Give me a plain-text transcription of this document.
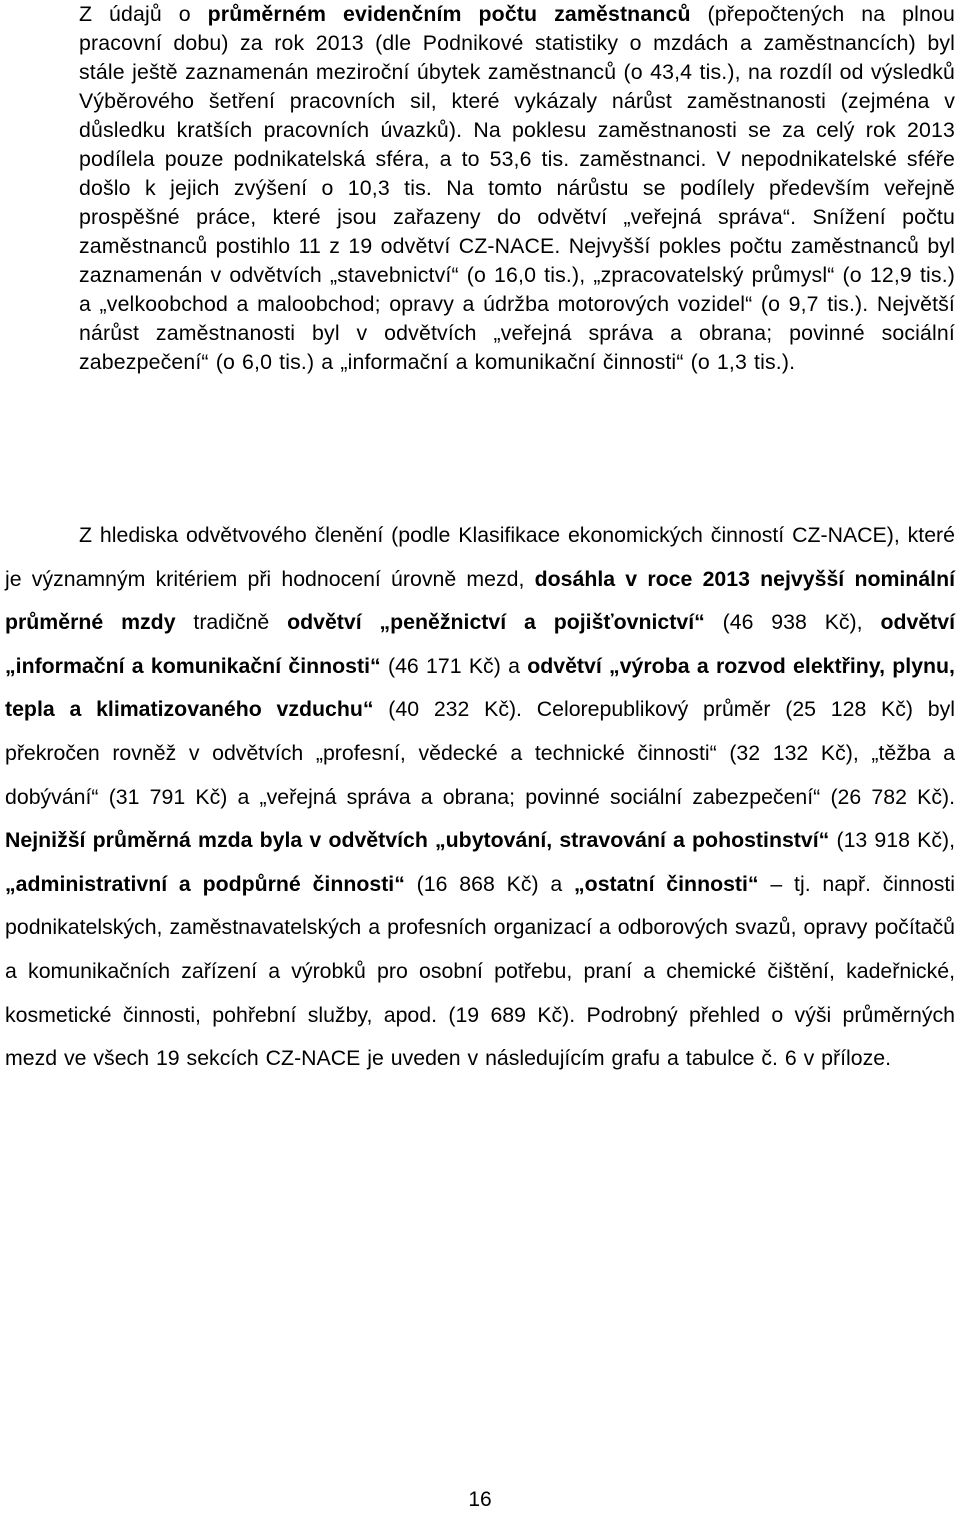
Z údajů o průměrném evidenčním počtu zaměstnanců (přepočtených na plnou pracovní dobu) za rok 2013 (dle Podnikové statistiky o mzdách a zaměstnancích) byl stále ještě zaznamenán meziroční úbytek zaměstnanců (o 43,4 tis.), na rozdíl od výsledků Výběrového šetření pracovních sil, které vykázaly nárůst zaměstnanosti (zejména v důsledku kratších pracovních úvazků). Na poklesu zaměstnanosti se za celý rok 2013 podílela pouze podnikatelská sféra, a to 53,6 tis. zaměstnanci. V nepodnikatelské sféře došlo k jejich zvýšení o 10,3 tis. Na tomto nárůstu se podílely především veřejně prospěšné práce, které jsou zařazeny do odvětví „veřejná správa“. Snížení počtu zaměstnanců postihlo 11 z 19 odvětví CZ-NACE. Nejvyšší pokles počtu zaměstnanců byl zaznamenán v odvětvích „stavebnictví“ (o 16,0 tis.), „zpracovatelský průmysl“ (o 12,9 tis.) a „velkoobchod a maloobchod; opravy a údržba motorových vozidel“ (o 9,7 tis.). Největší nárůst zaměstnanosti byl v odvětvích „veřejná správa a obrana; povinné sociální zabezpečení“ (o 6,0 tis.) a „informační a komunikační činnosti“ (o 1,3 tis.).

Z hlediska odvětvového členění (podle Klasifikace ekonomických činností CZ-NACE), které je významným kritériem při hodnocení úrovně mezd, dosáhla v roce 2013 nejvyšší nominální průměrné mzdy tradičně odvětví „peněžnictví a pojišťovnictví“ (46 938 Kč), odvětví „informační a komunikační činnosti“ (46 171 Kč) a odvětví „výroba a rozvod elektřiny, plynu, tepla a klimatizovaného vzduchu“ (40 232 Kč). Celorepublikový průměr (25 128 Kč) byl překročen rovněž v odvětvích „profesní, vědecké a technické činnosti“ (32 132 Kč), „těžba a dobývání“ (31 791 Kč) a „veřejná správa a obrana; povinné sociální zabezpečení“ (26 782 Kč). Nejnižší průměrná mzda byla v odvětvích „ubytování, stravování a pohostinství“ (13 918 Kč), „administrativní a podpůrné činnosti“ (16 868 Kč) a „ostatní činnosti“ – tj. např. činnosti podnikatelských, zaměstnavatelských a profesních organizací a odborových svazů, opravy počítačů a komunikačních zařízení a výrobků pro osobní potřebu, praní a chemické čištění, kadeřnické, kosmetické činnosti, pohřební služby, apod. (19 689 Kč). Podrobný přehled o výši průměrných mezd ve všech 19 sekcích CZ-NACE je uveden v následujícím grafu a tabulce č. 6 v příloze.

16
